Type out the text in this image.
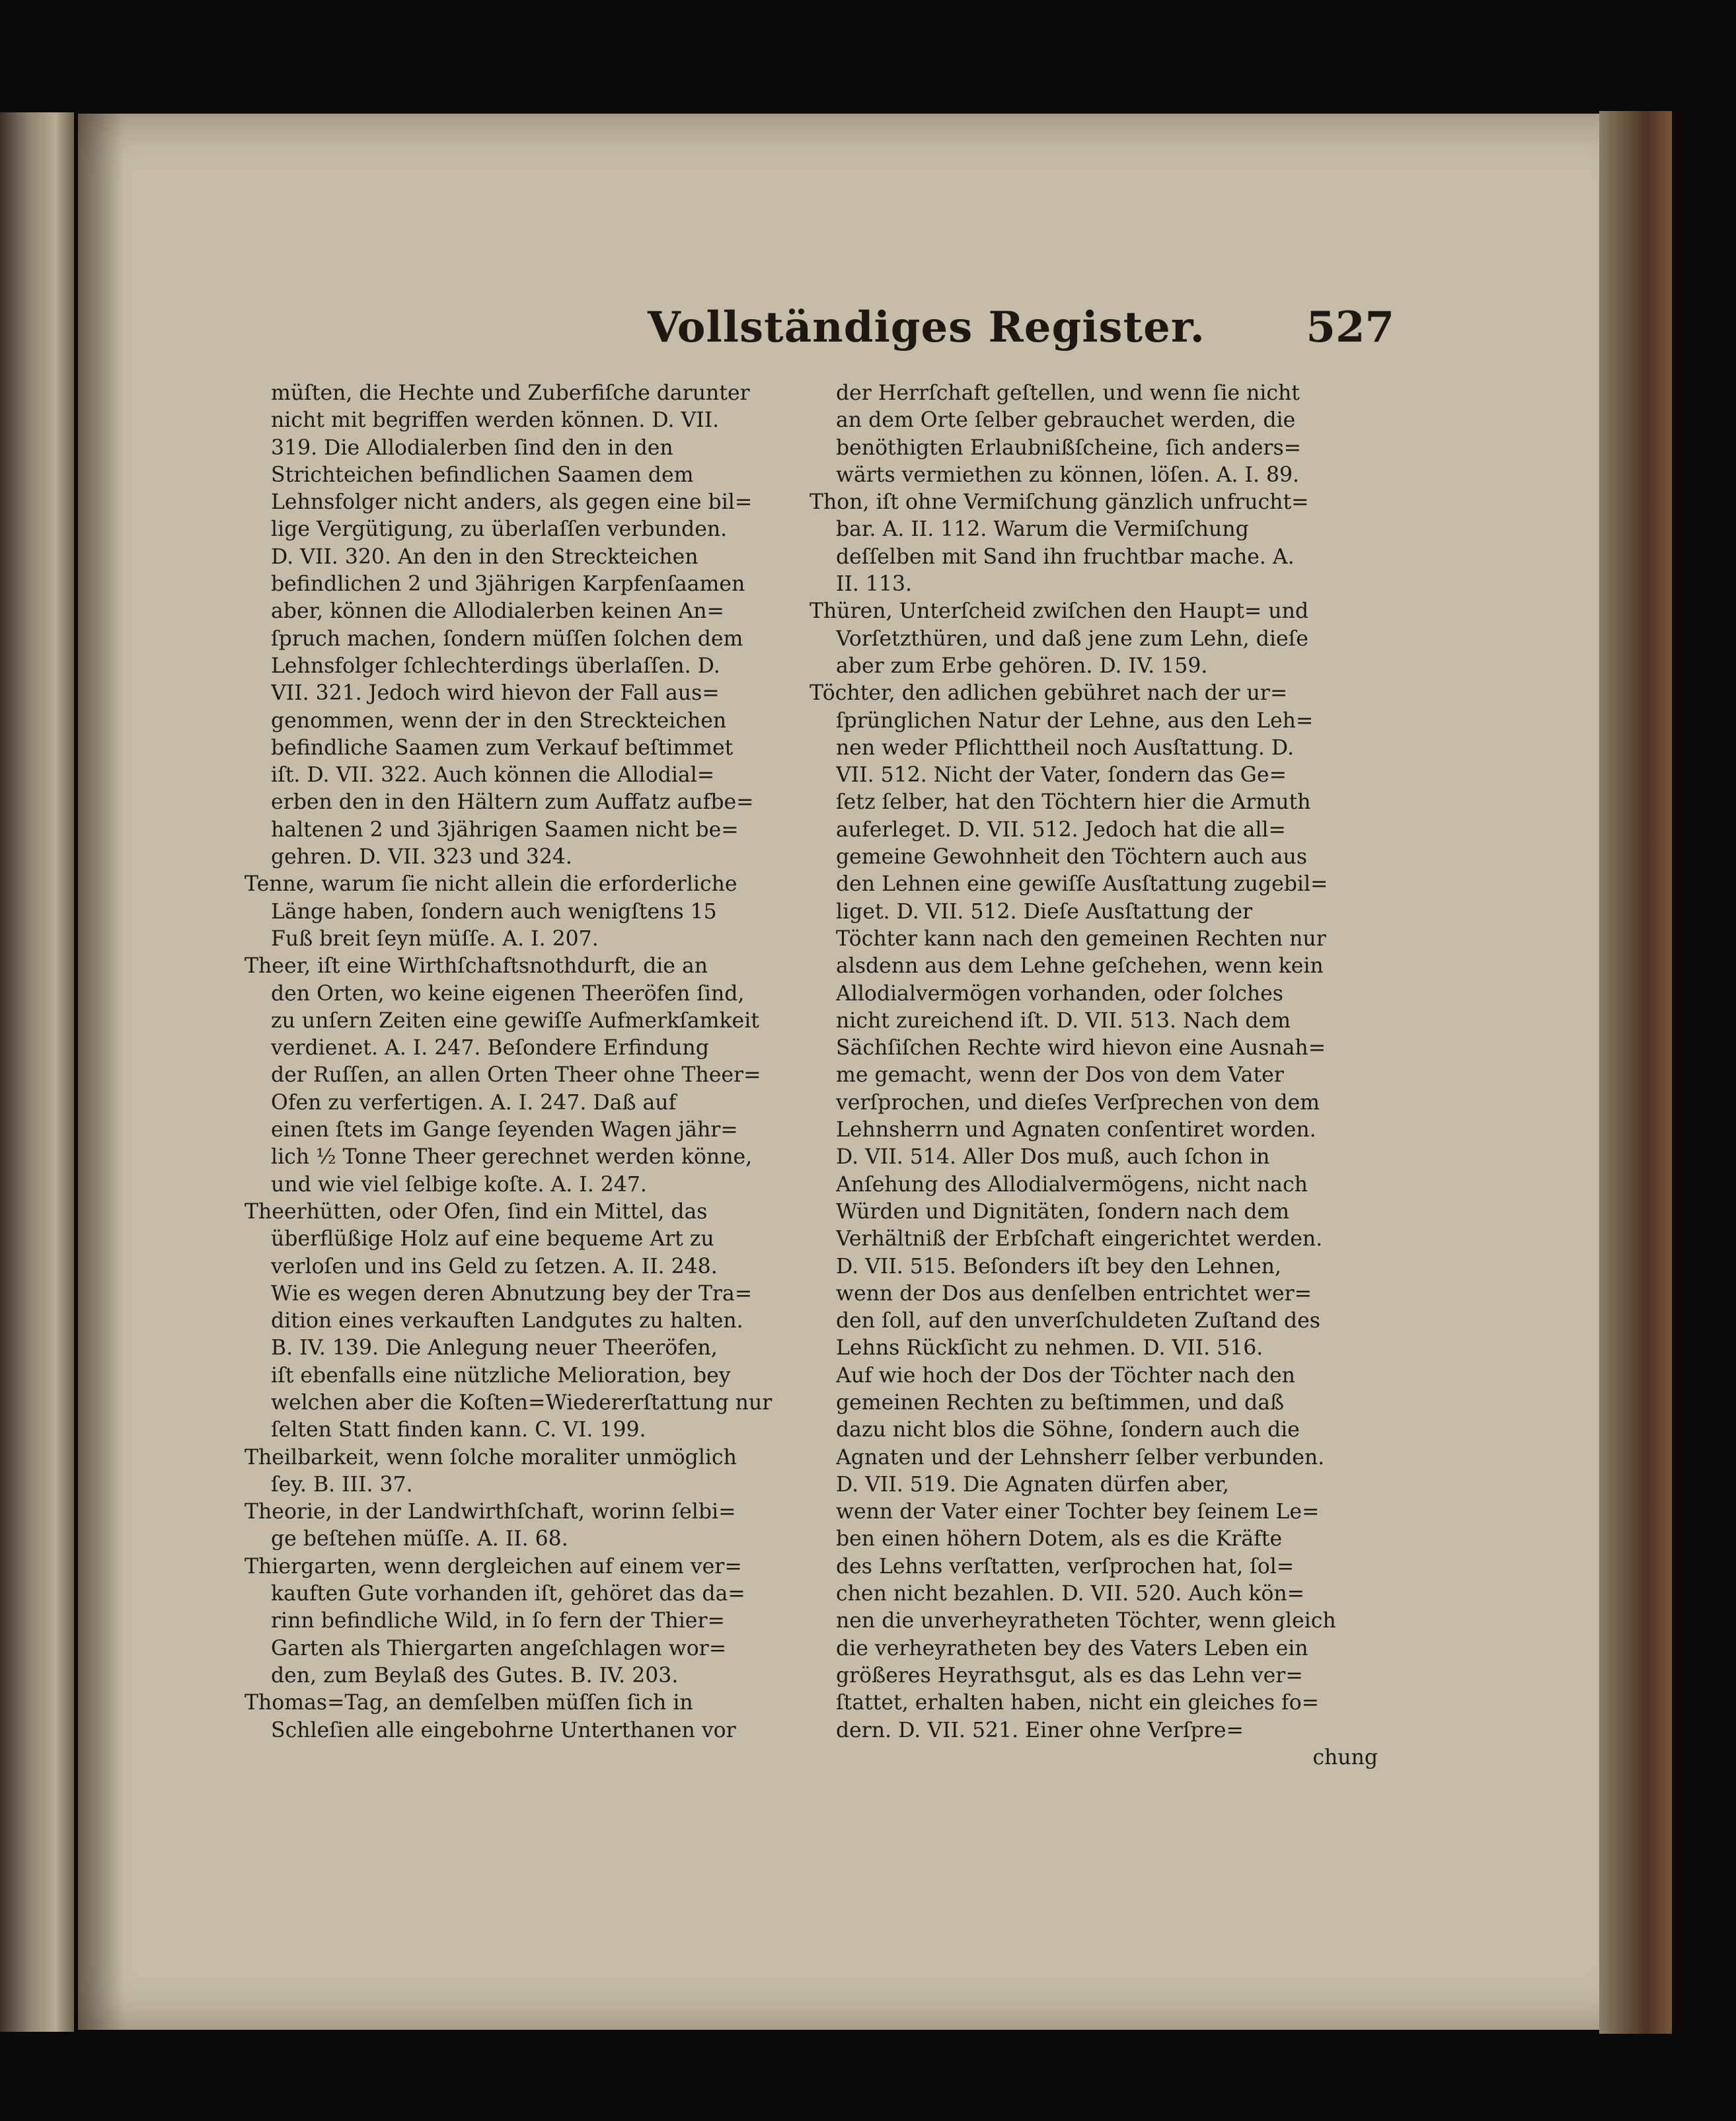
Vollständiges Register. 527
müſten, die Hechte und Zuberfiſche darunter
nicht mit begriffen werden können. D. VII.
319. Die Allodialerben ſind den in den
Strichteichen befindlichen Saamen dem
Lehnsfolger nicht anders, als gegen eine bil=
lige Vergütigung, zu überlaſſen verbunden.
D. VII. 320. An den in den Streckteichen
befindlichen 2 und 3jährigen Karpfenſaamen
aber, können die Allodialerben keinen An=
ſpruch machen, ſondern müſſen ſolchen dem
Lehnsfolger ſchlechterdings überlaſſen. D.
VII. 321. Jedoch wird hievon der Fall aus=
genommen, wenn der in den Streckteichen
befindliche Saamen zum Verkauf beſtimmet
iſt. D. VII. 322. Auch können die Allodial=
erben den in den Hältern zum Auffatz aufbe=
haltenen 2 und 3jährigen Saamen nicht be=
gehren. D. VII. 323 und 324.
Tenne, warum ſie nicht allein die erforderliche
Länge haben, ſondern auch wenigſtens 15
Fuß breit ſeyn müſſe. A. I. 207.
Theer, iſt eine Wirthſchaftsnothdurft, die an
den Orten, wo keine eigenen Theeröfen ſind,
zu unſern Zeiten eine gewiſſe Aufmerkſamkeit
verdienet. A. I. 247. Beſondere Erfindung
der Ruſſen, an allen Orten Theer ohne Theer=
Ofen zu verfertigen. A. I. 247. Daß auf
einen ſtets im Gange ſeyenden Wagen jähr=
lich ½ Tonne Theer gerechnet werden könne,
und wie viel ſelbige koſte. A. I. 247.
Theerhütten, oder Ofen, ſind ein Mittel, das
überflüßige Holz auf eine bequeme Art zu
verloſen und ins Geld zu ſetzen. A. II. 248.
Wie es wegen deren Abnutzung bey der Tra=
dition eines verkauften Landgutes zu halten.
B. IV. 139. Die Anlegung neuer Theeröfen,
iſt ebenfalls eine nützliche Melioration, bey
welchen aber die Koſten=Wiedererſtattung nur
ſelten Statt finden kann. C. VI. 199.
Theilbarkeit, wenn ſolche moraliter unmöglich
ſey. B. III. 37.
Theorie, in der Landwirthſchaft, worinn ſelbi=
ge beſtehen müſſe. A. II. 68.
Thiergarten, wenn dergleichen auf einem ver=
kauften Gute vorhanden iſt, gehöret das da=
rinn befindliche Wild, in ſo fern der Thier=
Garten als Thiergarten angeſchlagen wor=
den, zum Beylaß des Gutes. B. IV. 203.
Thomas=Tag, an demſelben müſſen ſich in
Schleſien alle eingebohrne Unterthanen vor
der Herrſchaft geſtellen, und wenn ſie nicht
an dem Orte ſelber gebrauchet werden, die
benöthigten Erlaubnißſcheine, ſich anders=
wärts vermiethen zu können, löſen. A. I. 89.
Thon, iſt ohne Vermiſchung gänzlich unfrucht=
bar. A. II. 112. Warum die Vermiſchung
deſſelben mit Sand ihn fruchtbar mache. A.
II. 113.
Thüren, Unterſcheid zwiſchen den Haupt= und
Vorſetzthüren, und daß jene zum Lehn, dieſe
aber zum Erbe gehören. D. IV. 159.
Töchter, den adlichen gebühret nach der ur=
ſprünglichen Natur der Lehne, aus den Leh=
nen weder Pflichttheil noch Ausſtattung. D.
VII. 512. Nicht der Vater, ſondern das Ge=
ſetz ſelber, hat den Töchtern hier die Armuth
auferleget. D. VII. 512. Jedoch hat die all=
gemeine Gewohnheit den Töchtern auch aus
den Lehnen eine gewiſſe Ausſtattung zugebil=
liget. D. VII. 512. Dieſe Ausſtattung der
Töchter kann nach den gemeinen Rechten nur
alsdenn aus dem Lehne geſchehen, wenn kein
Allodialvermögen vorhanden, oder ſolches
nicht zureichend iſt. D. VII. 513. Nach dem
Sächſiſchen Rechte wird hievon eine Ausnah=
me gemacht, wenn der Dos von dem Vater
verſprochen, und dieſes Verſprechen von dem
Lehnsherrn und Agnaten conſentiret worden.
D. VII. 514. Aller Dos muß, auch ſchon in
Anſehung des Allodialvermögens, nicht nach
Würden und Dignitäten, ſondern nach dem
Verhältniß der Erbſchaft eingerichtet werden.
D. VII. 515. Beſonders iſt bey den Lehnen,
wenn der Dos aus denſelben entrichtet wer=
den ſoll, auf den unverſchuldeten Zuſtand des
Lehns Rückſicht zu nehmen. D. VII. 516.
Auf wie hoch der Dos der Töchter nach den
gemeinen Rechten zu beſtimmen, und daß
dazu nicht blos die Söhne, ſondern auch die
Agnaten und der Lehnsherr ſelber verbunden.
D. VII. 519. Die Agnaten dürfen aber,
wenn der Vater einer Tochter bey ſeinem Le=
ben einen höhern Dotem, als es die Kräfte
des Lehns verſtatten, verſprochen hat, ſol=
chen nicht bezahlen. D. VII. 520. Auch kön=
nen die unverheyratheten Töchter, wenn gleich
die verheyratheten bey des Vaters Leben ein
größeres Heyrathsgut, als es das Lehn ver=
ſtattet, erhalten haben, nicht ein gleiches fo=
dern. D. VII. 521. Einer ohne Verſpre=
chung
